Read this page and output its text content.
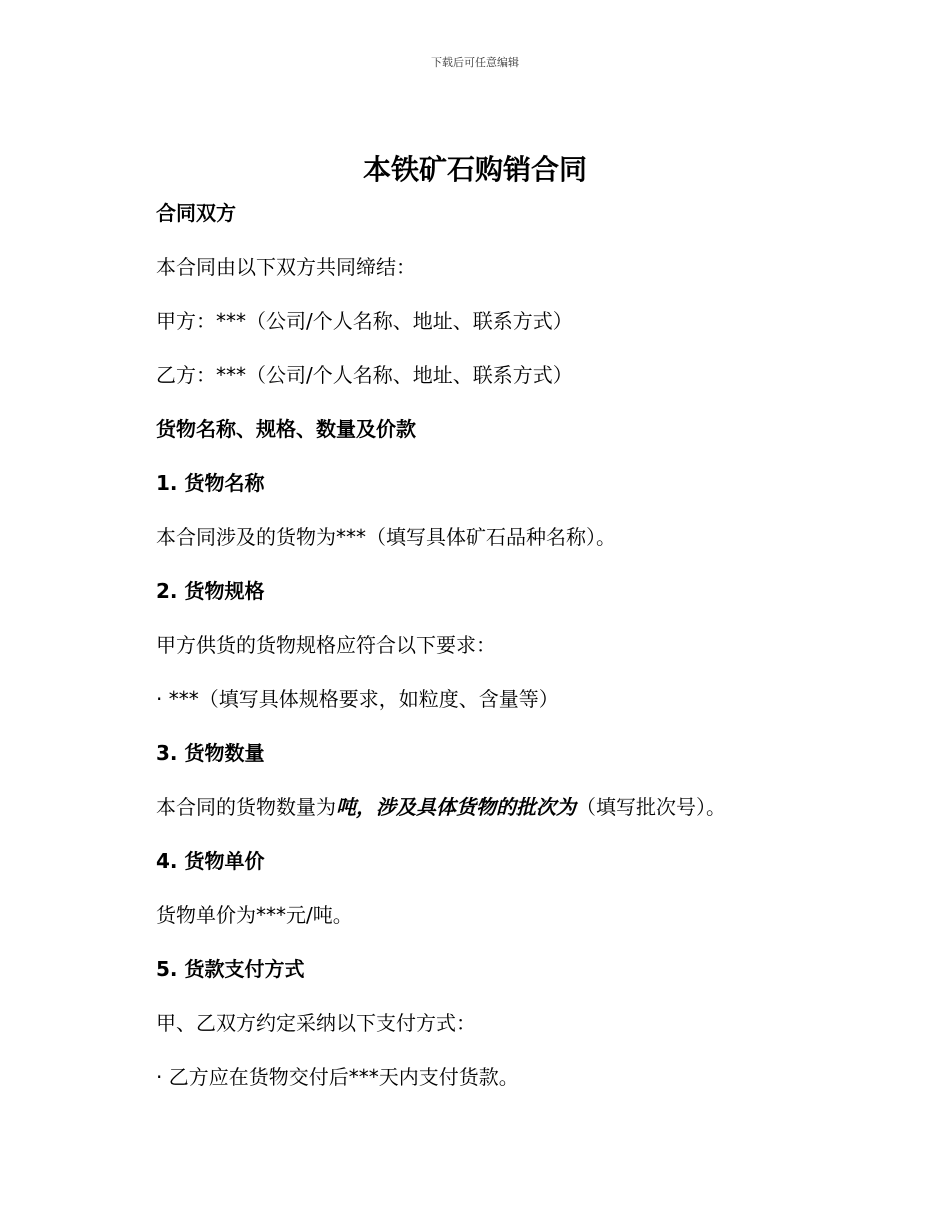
下载后可任意编辑
本铁矿石购销合同

合同双方

本合同由以下双方共同缔结：

甲方：***（公司/个人名称、地址、联系方式）

乙方：***（公司/个人名称、地址、联系方式）

货物名称、规格、数量及价款

1. 货物名称

本合同涉及的货物为***（填写具体矿石品种名称）。

2. 货物规格

甲方供货的货物规格应符合以下要求：

· ***（填写具体规格要求，如粒度、含量等）

3. 货物数量

本合同的货物数量为吨，涉及具体货物的批次为（填写批次号）。

4. 货物单价

货物单价为***元/吨。

5. 货款支付方式

甲、乙双方约定采纳以下支付方式：

· 乙方应在货物交付后***天内支付货款。
